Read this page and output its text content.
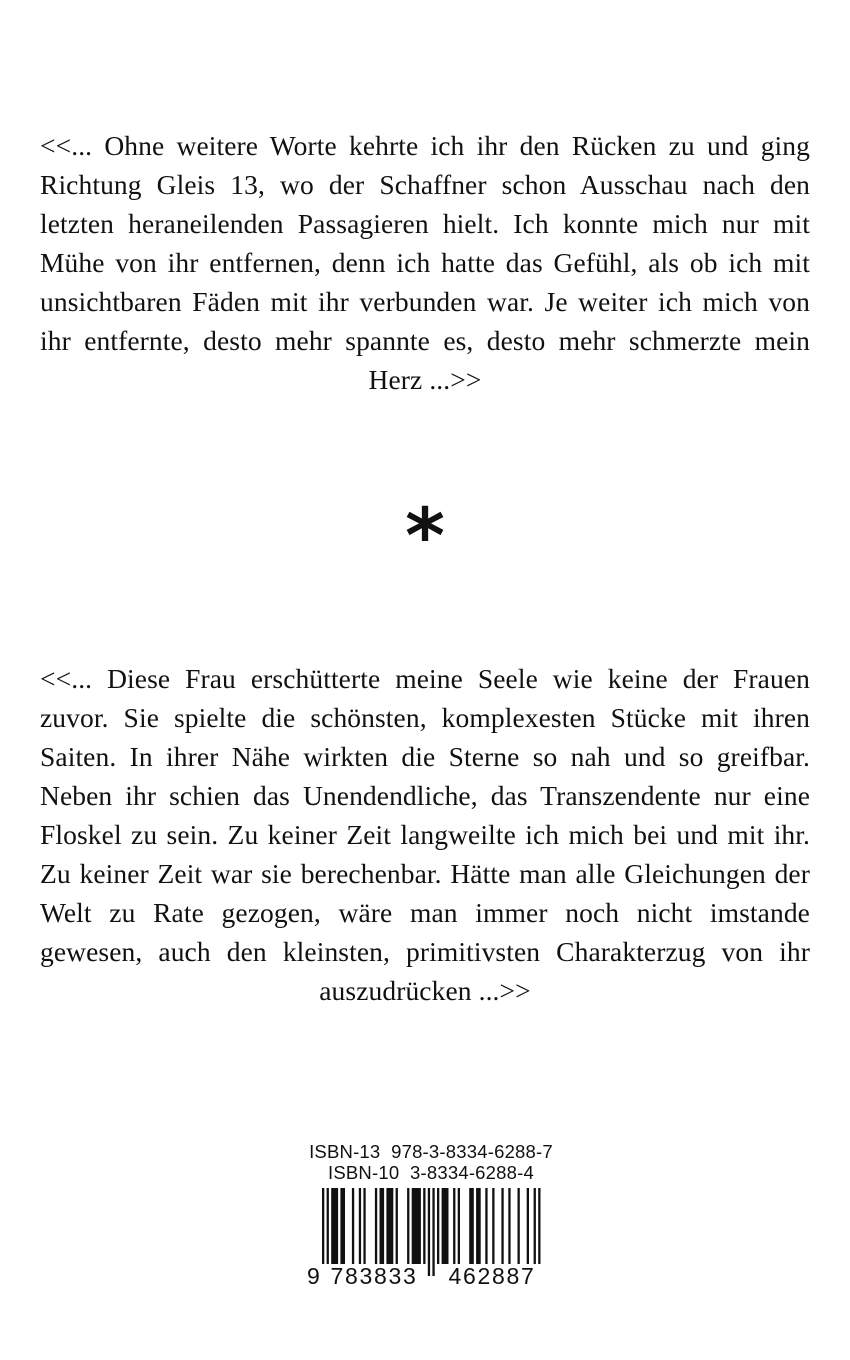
<<... Ohne weitere Worte kehrte ich ihr den Rücken zu und ging Richtung Gleis 13, wo der Schaffner schon Ausschau nach den letzten heraneilenden Passagieren hielt. Ich konnte mich nur mit Mühe von ihr entfernen, denn ich hatte das Gefühl, als ob ich mit unsichtbaren Fäden mit ihr verbunden war. Je weiter ich mich von ihr entfernte, desto mehr spannte es, desto mehr schmerzte mein Herz ...>>

*

<<... Diese Frau erschütterte meine Seele wie keine der Frauen zuvor. Sie spielte die schönsten, komplexesten Stücke mit ihren Saiten. In ihrer Nähe wirkten die Sterne so nah und so greifbar. Neben ihr schien das Unendendliche, das Transzendente nur eine Floskel zu sein. Zu keiner Zeit langweilte ich mich bei und mit ihr. Zu keiner Zeit war sie berechenbar. Hätte man alle Gleichungen der Welt zu Rate gezogen, wäre man immer noch nicht imstande gewesen, auch den kleinsten, primitivsten Charakterzug von ihr auszudrücken ...>>

ISBN-13  978-3-8334-6288-7
ISBN-10  3-8334-6288-4
9 783833	462887
